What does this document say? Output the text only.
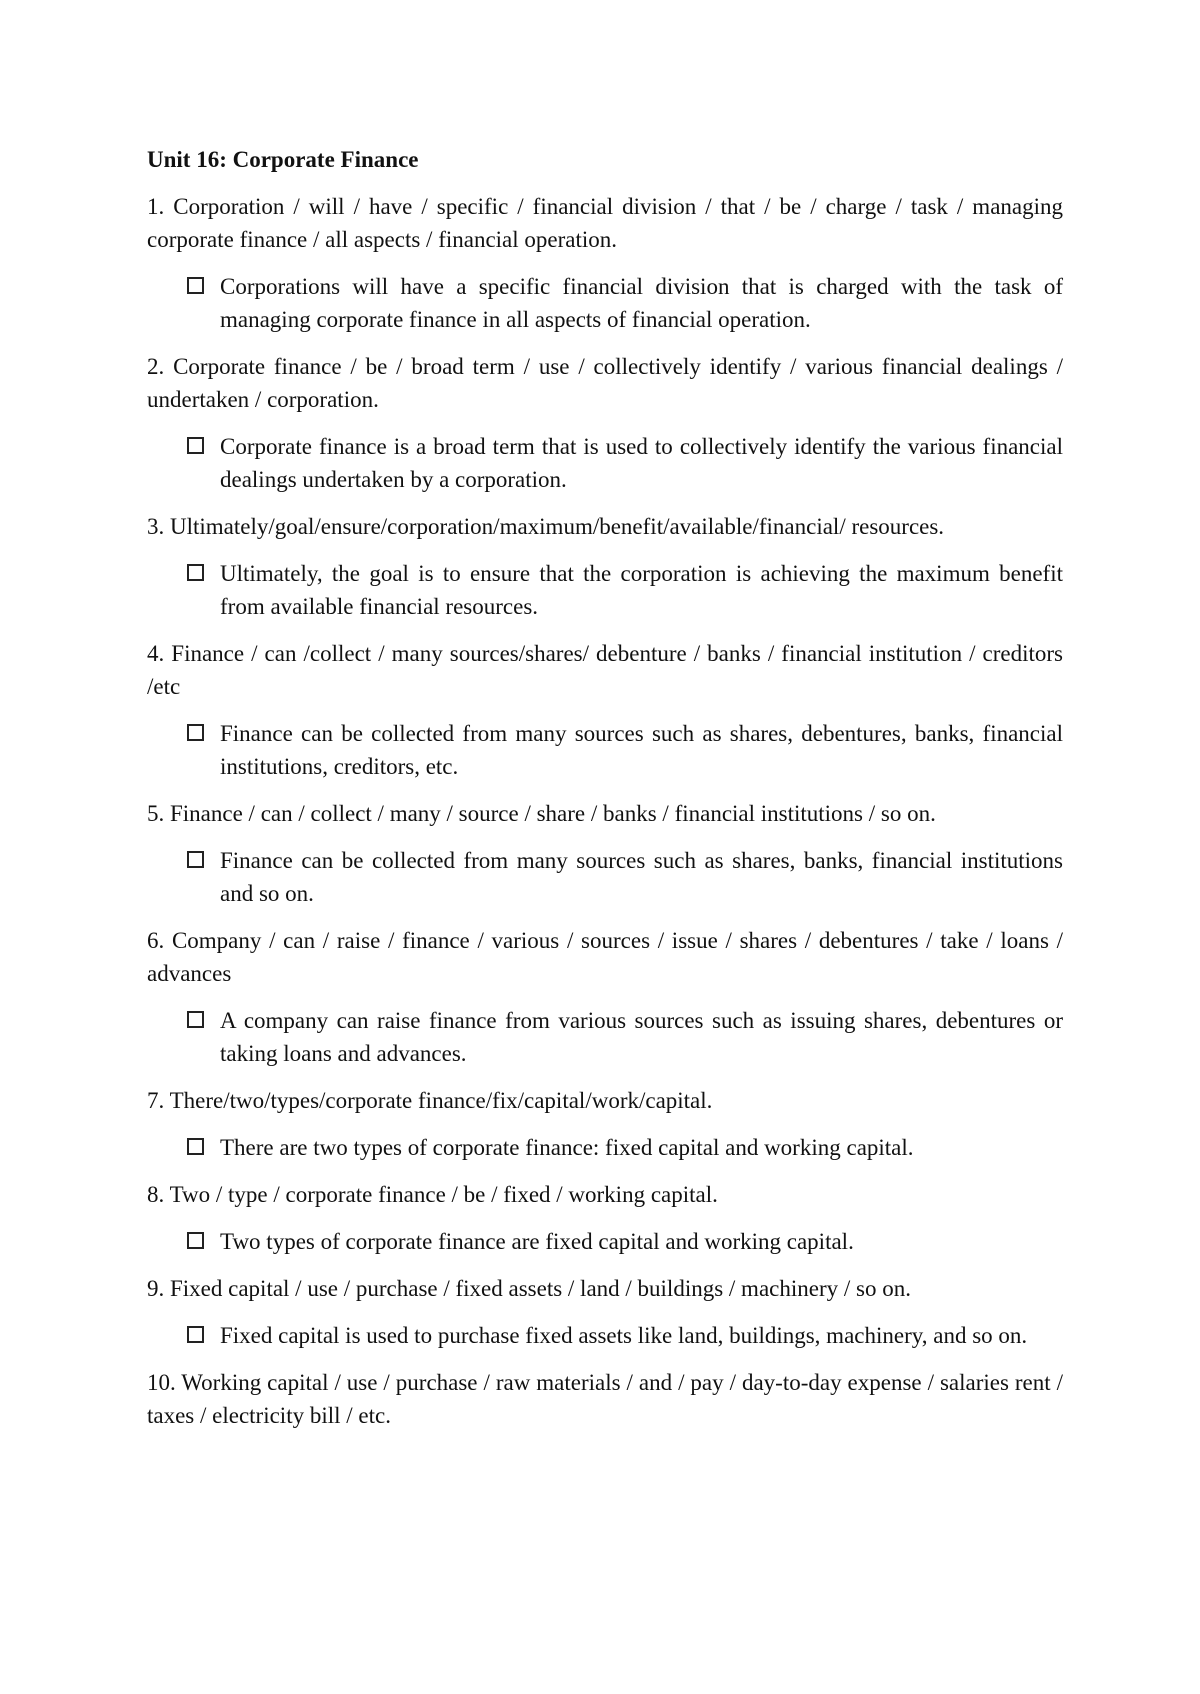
Unit 16: Corporate Finance
1. Corporation / will / have / specific / financial division / that / be / charge / task / managing corporate finance / all aspects / financial operation.
Corporations will have a specific financial division that is charged with the task of managing corporate finance in all aspects of financial operation.
2. Corporate finance / be / broad term / use / collectively identify / various financial dealings / undertaken / corporation.
Corporate finance is a broad term that is used to collectively identify the various financial dealings undertaken by a corporation.
3. Ultimately/goal/ensure/corporation/maximum/benefit/available/financial/ resources.
Ultimately, the goal is to ensure that the corporation is achieving the maximum benefit from available financial resources.
4. Finance / can /collect / many sources/shares/ debenture / banks / financial institution / creditors /etc
Finance can be collected from many sources such as shares, debentures, banks, financial institutions, creditors, etc.
5. Finance / can / collect / many / source / share / banks / financial institutions / so on.
Finance can be collected from many sources such as shares, banks, financial institutions and so on.
6. Company / can / raise / finance / various / sources / issue / shares / debentures / take / loans / advances
A company can raise finance from various sources such as issuing shares, debentures or taking loans and advances.
7. There/two/types/corporate finance/fix/capital/work/capital.
There are two types of corporate finance: fixed capital and working capital.
8. Two / type / corporate finance / be / fixed / working capital.
Two types of corporate finance are fixed capital and working capital.
9. Fixed capital / use / purchase / fixed assets / land / buildings / machinery / so on.
Fixed capital is used to purchase fixed assets like land, buildings, machinery, and so on.
10. Working capital / use / purchase / raw materials / and / pay / day-to-day expense / salaries rent / taxes / electricity bill / etc.
